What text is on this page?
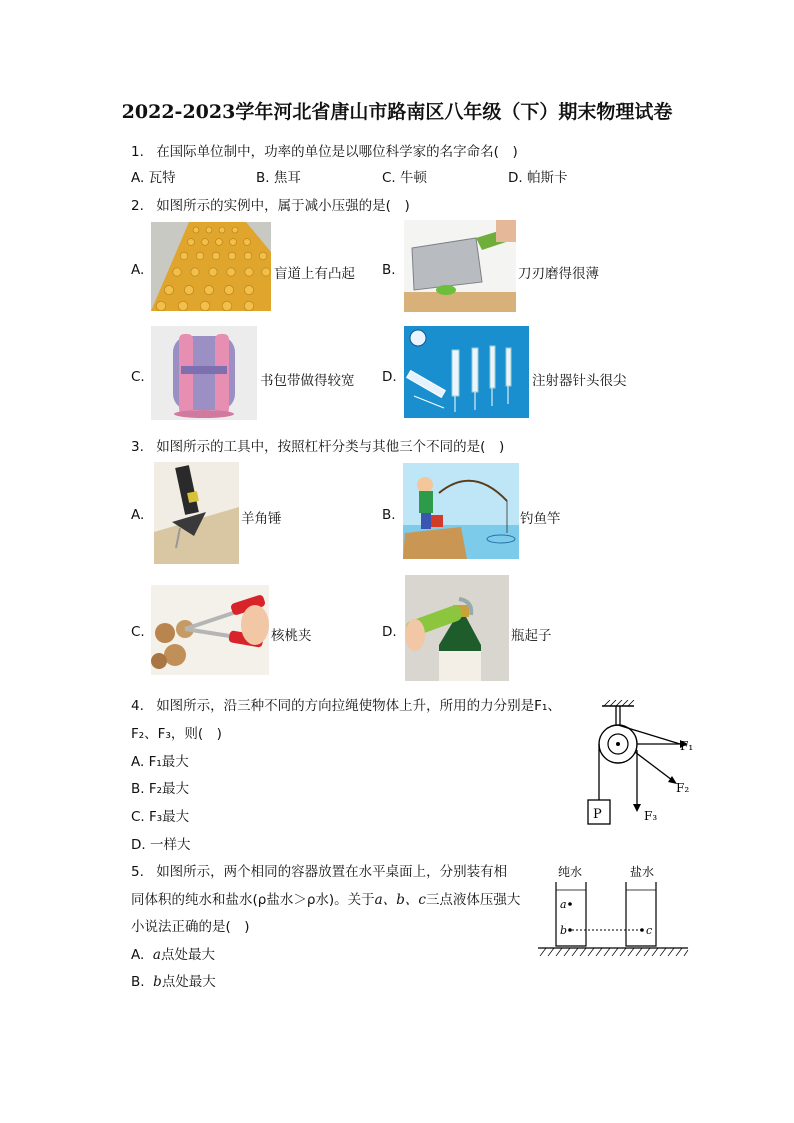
2022-2023学年河北省唐山市路南区八年级（下）期末物理试卷
1. 在国际单位制中，功率的单位是以哪位科学家的名字命名(　)
A. 瓦特	B. 焦耳	C. 牛顿	D. 帕斯卡
2. 如图所示的实例中，属于减小压强的是(　)
A.	盲道上有凸起 B.	刀刃磨得很薄
C.	书包带做得较宽 D.	注射器针头很尖
3. 如图所示的工具中，按照杠杆分类与其他三个不同的是(　)
A.	羊角锤	B.	钓鱼竿
C.	核桃夹	D.	瓶起子
4. 如图所示，沿三种不同的方向拉绳使物体上升，所用的力分别是F₁、
F₂、F₃，则(　)
A. F₁最大
B. F₂最大
C. F₃最大
D. 一样大
P
F₁
F₂
F₃
5. 如图所示，两个相同的容器放置在水平桌面上，分别装有相
同体积的纯水和盐水(ρ盐水＞ρ水)。关于a、b、c三点液体压强大
小说法正确的是(　)
A. a点处最大
B. b点处最大
纯水	盐水
a
b	c
